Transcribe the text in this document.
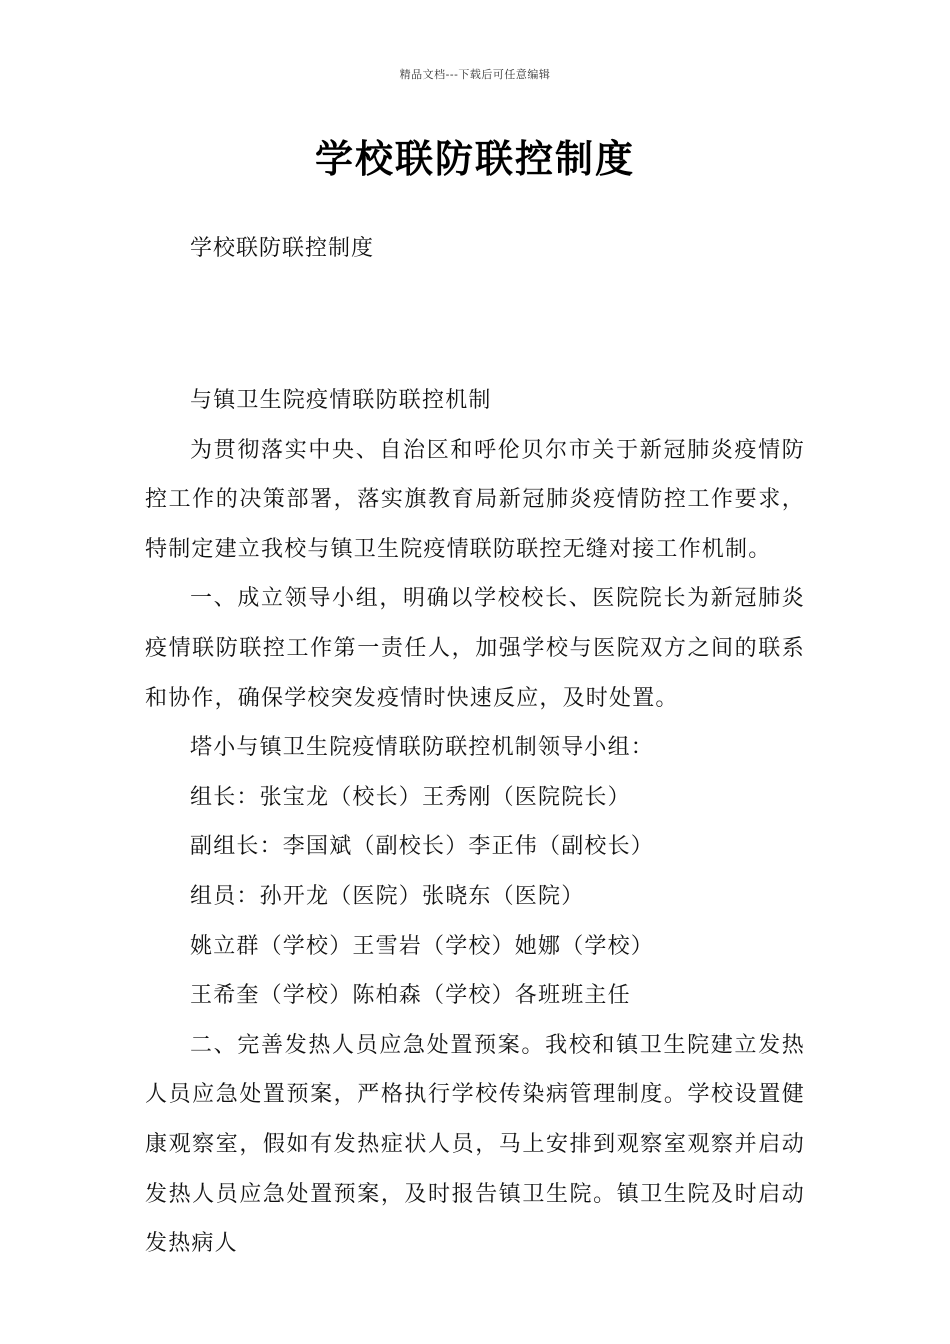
精品文档---下载后可任意编辑
学校联防联控制度
学校联防联控制度

与镇卫生院疫情联防联控机制

为贯彻落实中央、自治区和呼伦贝尔市关于新冠肺炎疫情防控工作的决策部署，落实旗教育局新冠肺炎疫情防控工作要求，特制定建立我校与镇卫生院疫情联防联控无缝对接工作机制。

一、成立领导小组，明确以学校校长、医院院长为新冠肺炎疫情联防联控工作第一责任人，加强学校与医院双方之间的联系和协作，确保学校突发疫情时快速反应，及时处置。

塔小与镇卫生院疫情联防联控机制领导小组：

组长：张宝龙（校长）王秀刚（医院院长）

副组长：李国斌（副校长）李正伟（副校长）

组员：孙开龙（医院）张晓东（医院）

姚立群（学校）王雪岩（学校）她娜（学校）

王希奎（学校）陈柏森（学校）各班班主任

二、完善发热人员应急处置预案。我校和镇卫生院建立发热人员应急处置预案，严格执行学校传染病管理制度。学校设置健康观察室，假如有发热症状人员，马上安排到观察室观察并启动发热人员应急处置预案，及时报告镇卫生院。镇卫生院及时启动发热病人
